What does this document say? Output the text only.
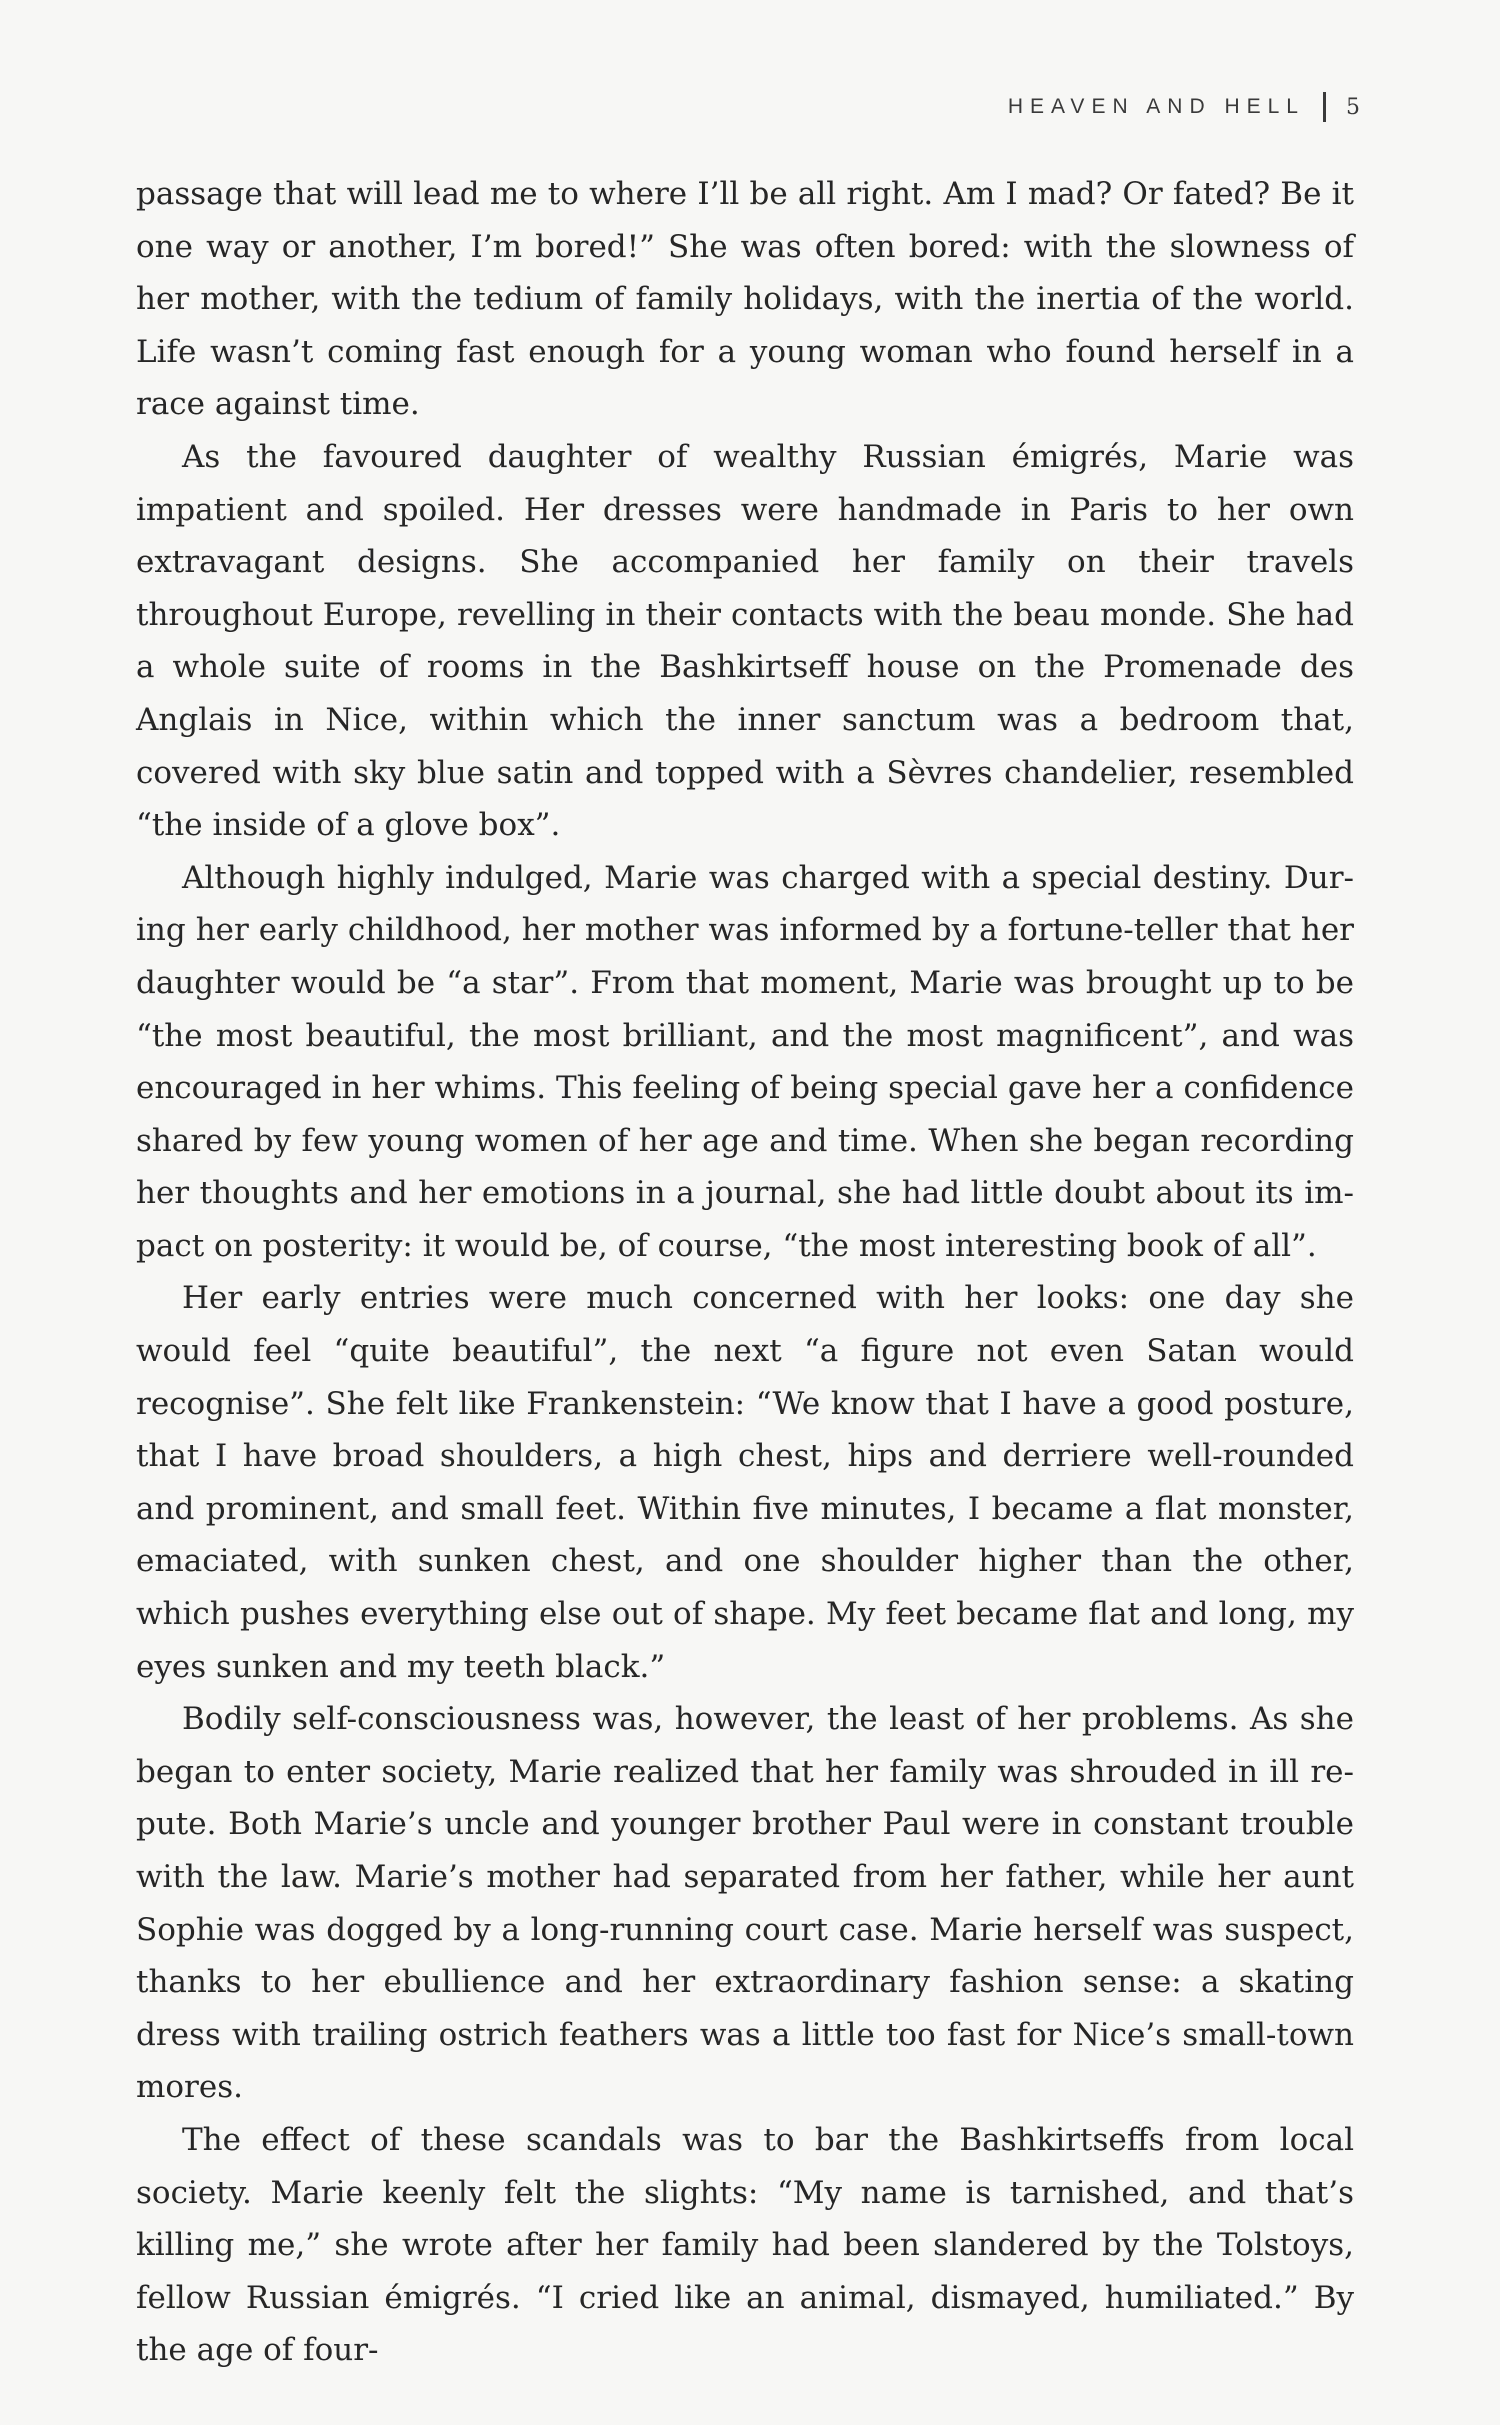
HEAVEN AND HELL 5

passage that will lead me to where I’ll be all right. Am I mad? Or fated? Be it one way or another, I’m bored!” She was often bored: with the slowness of her mother, with the tedium of family holidays, with the inertia of the world. Life wasn’t coming fast enough for a young woman who found herself in a race against time.

As the favoured daughter of wealthy Russian émigrés, Marie was impatient and spoiled. Her dresses were handmade in Paris to her own extravagant designs. She accompanied her family on their travels throughout Europe, revelling in their contacts with the beau monde. She had a whole suite of rooms in the Bashkirtseff house on the Promenade des Anglais in Nice, within which the inner sanctum was a bedroom that, covered with sky blue satin and topped with a Sèvres chandelier, resembled “the inside of a glove box”.

Although highly indulged, Marie was charged with a special destiny. During her early childhood, her mother was informed by a fortune-teller that her daughter would be “a star”. From that moment, Marie was brought up to be “the most beautiful, the most brilliant, and the most magnificent”, and was encouraged in her whims. This feeling of being special gave her a confidence shared by few young women of her age and time. When she began recording her thoughts and her emotions in a journal, she had little doubt about its impact on posterity: it would be, of course, “the most interesting book of all”.

Her early entries were much concerned with her looks: one day she would feel “quite beautiful”, the next “a figure not even Satan would recognise”. She felt like Frankenstein: “We know that I have a good posture, that I have broad shoulders, a high chest, hips and derriere well-rounded and prominent, and small feet. Within five minutes, I became a flat monster, emaciated, with sunken chest, and one shoulder higher than the other, which pushes everything else out of shape. My feet became flat and long, my eyes sunken and my teeth black.”

Bodily self-consciousness was, however, the least of her problems. As she began to enter society, Marie realized that her family was shrouded in ill repute. Both Marie’s uncle and younger brother Paul were in constant trouble with the law. Marie’s mother had separated from her father, while her aunt Sophie was dogged by a long-running court case. Marie herself was suspect, thanks to her ebullience and her extraordinary fashion sense: a skating dress with trailing ostrich feathers was a little too fast for Nice’s small-town mores.

The effect of these scandals was to bar the Bashkirtseffs from local society. Marie keenly felt the slights: “My name is tarnished, and that’s killing me,” she wrote after her family had been slandered by the Tolstoys, fellow Russian émigrés. “I cried like an animal, dismayed, humiliated.” By the age of four-
